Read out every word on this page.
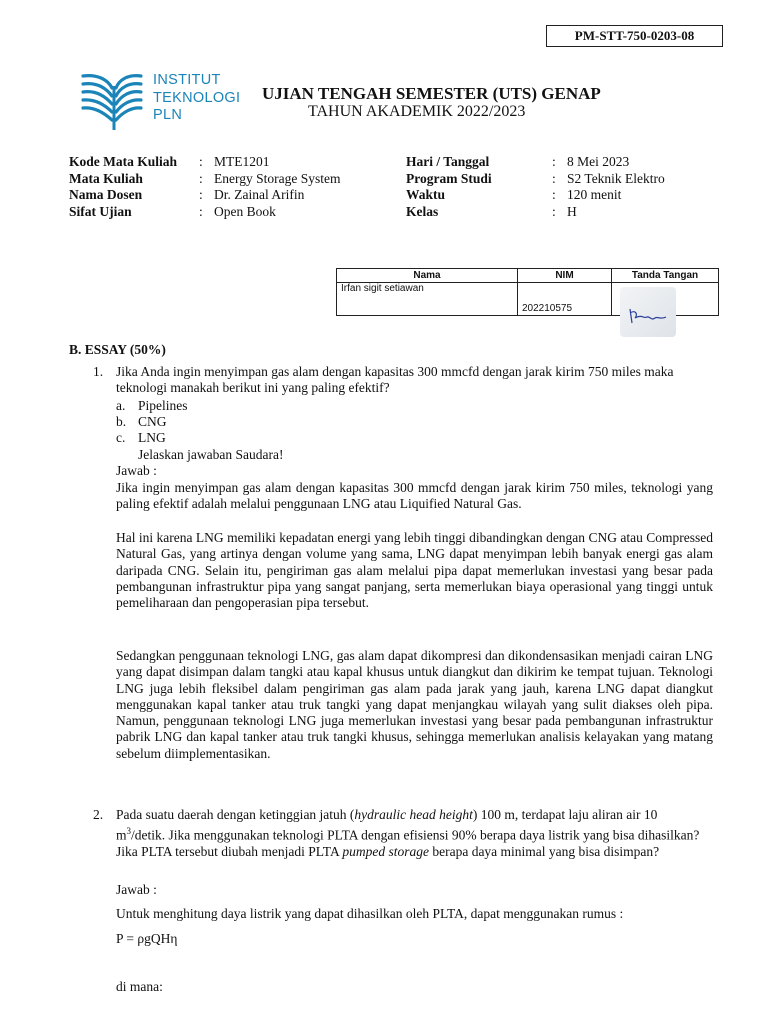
PM-STT-750-0203-08
INSTITUT
TEKNOLOGI
PLN
UJIAN TENGAH SEMESTER (UTS) GENAP
TAHUN AKADEMIK 2022/2023
Kode Mata Kuliah : MTE1201
Mata Kuliah	: Energy Storage System
Nama Dosen	: Dr. Zainal Arifin
Sifat Ujian	: Open Book
Hari / Tanggal	: 8 Mei 2023
Program Studi	: S2 Teknik Elektro
Waktu	: 120 menit
Kelas	: H
Nama	NIM	Tanda Tangan
Irfan sigit setiawan	202210575	
B. ESSAY (50%)
1. Jika Anda ingin menyimpan gas alam dengan kapasitas 300 mmcfd dengan jarak kirim 750 miles maka teknologi manakah berikut ini yang paling efektif?
a. Pipelines
b. CNG
c. LNG
Jelaskan jawaban Saudara!
Jawab :
Jika ingin menyimpan gas alam dengan kapasitas 300 mmcfd dengan jarak kirim 750 miles, teknologi yang paling efektif adalah melalui penggunaan LNG atau Liquified Natural Gas.
Hal ini karena LNG memiliki kepadatan energi yang lebih tinggi dibandingkan dengan CNG atau Compressed Natural Gas, yang artinya dengan volume yang sama, LNG dapat menyimpan lebih banyak energi gas alam daripada CNG. Selain itu, pengiriman gas alam melalui pipa dapat memerlukan investasi yang besar pada pembangunan infrastruktur pipa yang sangat panjang, serta memerlukan biaya operasional yang tinggi untuk pemeliharaan dan pengoperasian pipa tersebut.
Sedangkan penggunaan teknologi LNG, gas alam dapat dikompresi dan dikondensasikan menjadi cairan LNG yang dapat disimpan dalam tangki atau kapal khusus untuk diangkut dan dikirim ke tempat tujuan. Teknologi LNG juga lebih fleksibel dalam pengiriman gas alam pada jarak yang jauh, karena LNG dapat diangkut menggunakan kapal tanker atau truk tangki yang dapat menjangkau wilayah yang sulit diakses oleh pipa. Namun, penggunaan teknologi LNG juga memerlukan investasi yang besar pada pembangunan infrastruktur pabrik LNG dan kapal tanker atau truk tangki khusus, sehingga memerlukan analisis kelayakan yang matang sebelum diimplementasikan.
2. Pada suatu daerah dengan ketinggian jatuh (hydraulic head height) 100 m, terdapat laju aliran air 10 $m^3$/detik. Jika menggunakan teknologi PLTA dengan efisiensi 90% berapa daya listrik yang bisa dihasilkan? Jika PLTA tersebut diubah menjadi PLTA pumped storage berapa daya minimal yang bisa disimpan?
Jawab :
Untuk menghitung daya listrik yang dapat dihasilkan oleh PLTA, dapat menggunakan rumus :
P = ρgQHη
di mana:
